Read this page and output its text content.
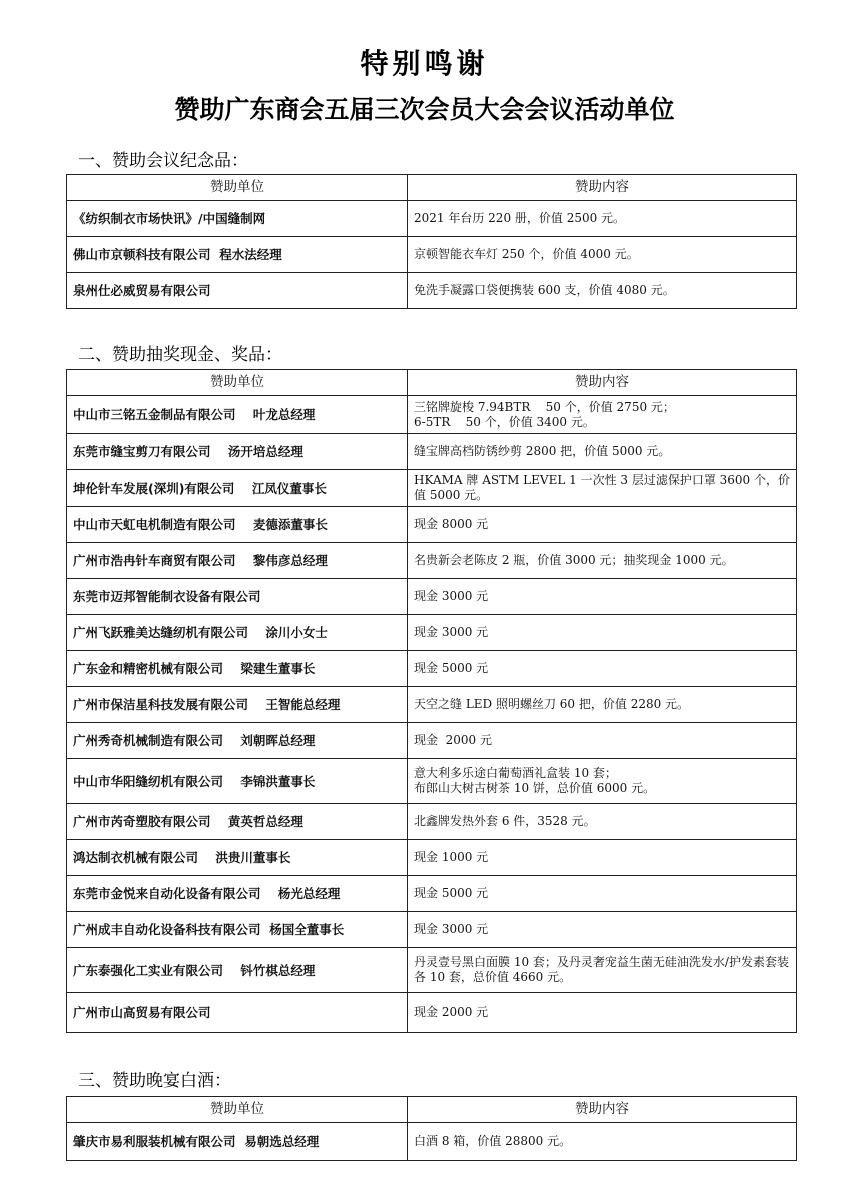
特别鸣谢
赞助广东商会五届三次会员大会会议活动单位
一、赞助会议纪念品：
赞助单位	赞助内容
《纺织制衣市场快讯》/中国缝制网	2021 年台历 220 册，价值 2500 元。
佛山市京顿科技有限公司  程水法经理	京顿智能衣车灯 250 个，价值 4000 元。
泉州仕必威贸易有限公司	免洗手凝露口袋便携装 600 支，价值 4080 元。
二、赞助抽奖现金、奖品：
赞助单位	赞助内容
中山市三铭五金制品有限公司    叶龙总经理	三铭牌旋梭 7.94BTR    50 个，价值 2750 元；
6-5TR    50 个，价值 3400 元。
东莞市缝宝剪刀有限公司    汤开培总经理	缝宝牌高档防锈纱剪 2800 把，价值 5000 元。
坤伦针车发展(深圳)有限公司    江凤仪董事长	HKAMA 牌 ASTM LEVEL 1 一次性 3 层过滤保护口罩 3600 个，价值 5000 元。
中山市天虹电机制造有限公司    麦德添董事长	现金 8000 元
广州市浩冉针车商贸有限公司    黎伟彦总经理	名贵新会老陈皮 2 瓶，价值 3000 元；抽奖现金 1000 元。
东莞市迈邦智能制衣设备有限公司	现金 3000 元
广州飞跃雅美达缝纫机有限公司    涂川小女士	现金 3000 元
广东金和精密机械有限公司    梁建生董事长	现金 5000 元
广州市保洁星科技发展有限公司    王智能总经理	天空之缝 LED 照明螺丝刀 60 把，价值 2280 元。
广州秀奇机械制造有限公司    刘朝晖总经理	现金  2000 元
中山市华阳缝纫机有限公司    李锦洪董事长	意大利多乐途白葡萄酒礼盒装 10 套；
布郎山大树古树茶 10 饼，总价值 6000 元。
广州市芮奇塑胶有限公司    黄英哲总经理	北鑫牌发热外套 6 件，3528 元。
鸿达制衣机械有限公司    洪贵川董事长	现金 1000 元
东莞市金悦来自动化设备有限公司    杨光总经理	现金 5000 元
广州成丰自动化设备科技有限公司  杨国全董事长	现金 3000 元
广东泰强化工实业有限公司    钭竹棋总经理	丹灵壹号黑白面膜 10 套；及丹灵奢宠益生菌无硅油洗发水/护发素套装各 10 套，总价值 4660 元。
广州市山高贸易有限公司	现金 2000 元
三、赞助晚宴白酒：
赞助单位	赞助内容
肇庆市易利服装机械有限公司  易朝选总经理	白酒 8 箱，价值 28800 元。
